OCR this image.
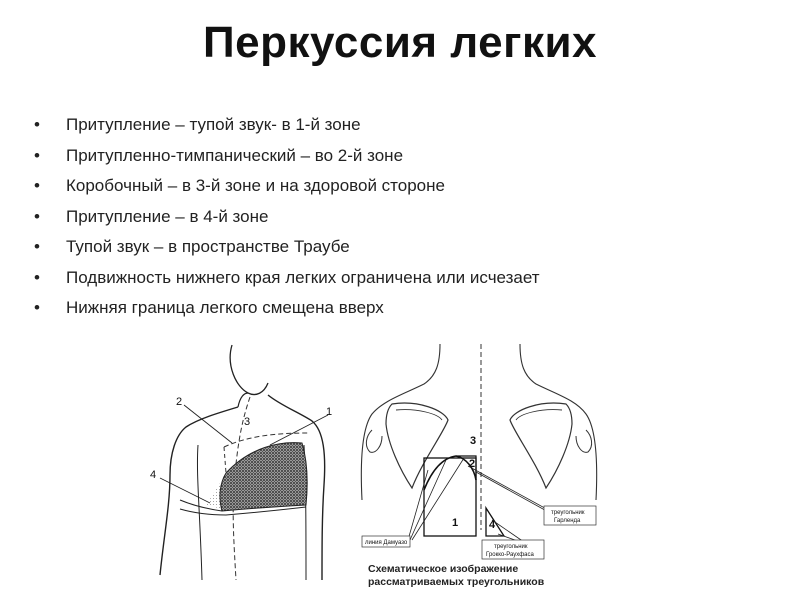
Перкуссия легких
• Притупление – тупой звук- в 1-й зоне
• Притупленно-тимпанический – во 2-й зоне
• Коробочный – в 3-й зоне и на здоровой стороне
• Притупление – в 4-й зоне
• Тупой звук – в пространстве Траубе
• Подвижность нижнего края легких ограничена или исчезает
• Нижняя граница легкого смещена вверх
2
3
1
4
линия Дамуазо
треугольник
Гарленда
треугольник
Грокко-Раухфаса
3
2
1	4
Схематическое изображение
рассматриваемых треугольников
